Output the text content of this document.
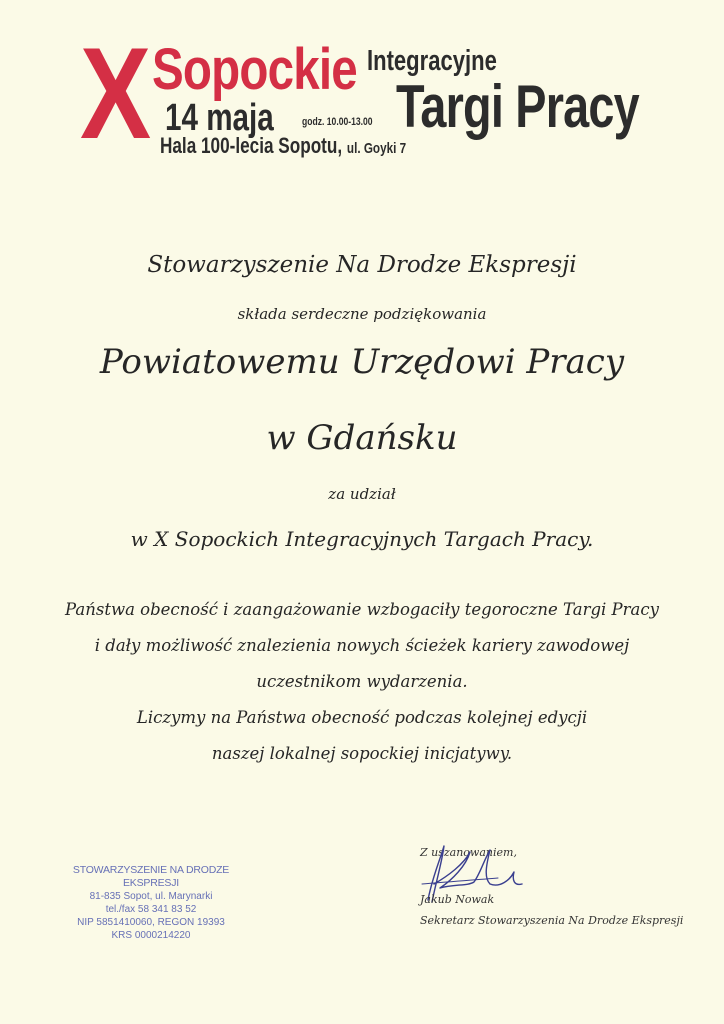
X Sopockie Integracyjne
14 maja	godz. 10.00-13.00 Targi Pracy
Hala 100-lecia Sopotu, ul. Goyki 7
Stowarzyszenie Na Drodze Ekspresji
składa serdeczne podziękowania
Powiatowemu Urzędowi Pracy
w Gdańsku
za udział
w X Sopockich Integracyjnych Targach Pracy.
Państwa obecność i zaangażowanie wzbogaciły tegoroczne Targi Pracy
i dały możliwość znalezienia nowych ścieżek kariery zawodowej
uczestnikom wydarzenia.
Liczymy na Państwa obecność podczas kolejnej edycji
naszej lokalnej sopockiej inicjatywy.
STOWARZYSZENIE NA DRODZE EKSPRESJI
81-835 Sopot, ul. Marynarki
tel./fax 58 341 83 52
NIP 5851410060, REGON 19393
KRS 0000214220
Z uszanowaniem,
Jakub Nowak
Sekretarz Stowarzyszenia Na Drodze Ekspresji
